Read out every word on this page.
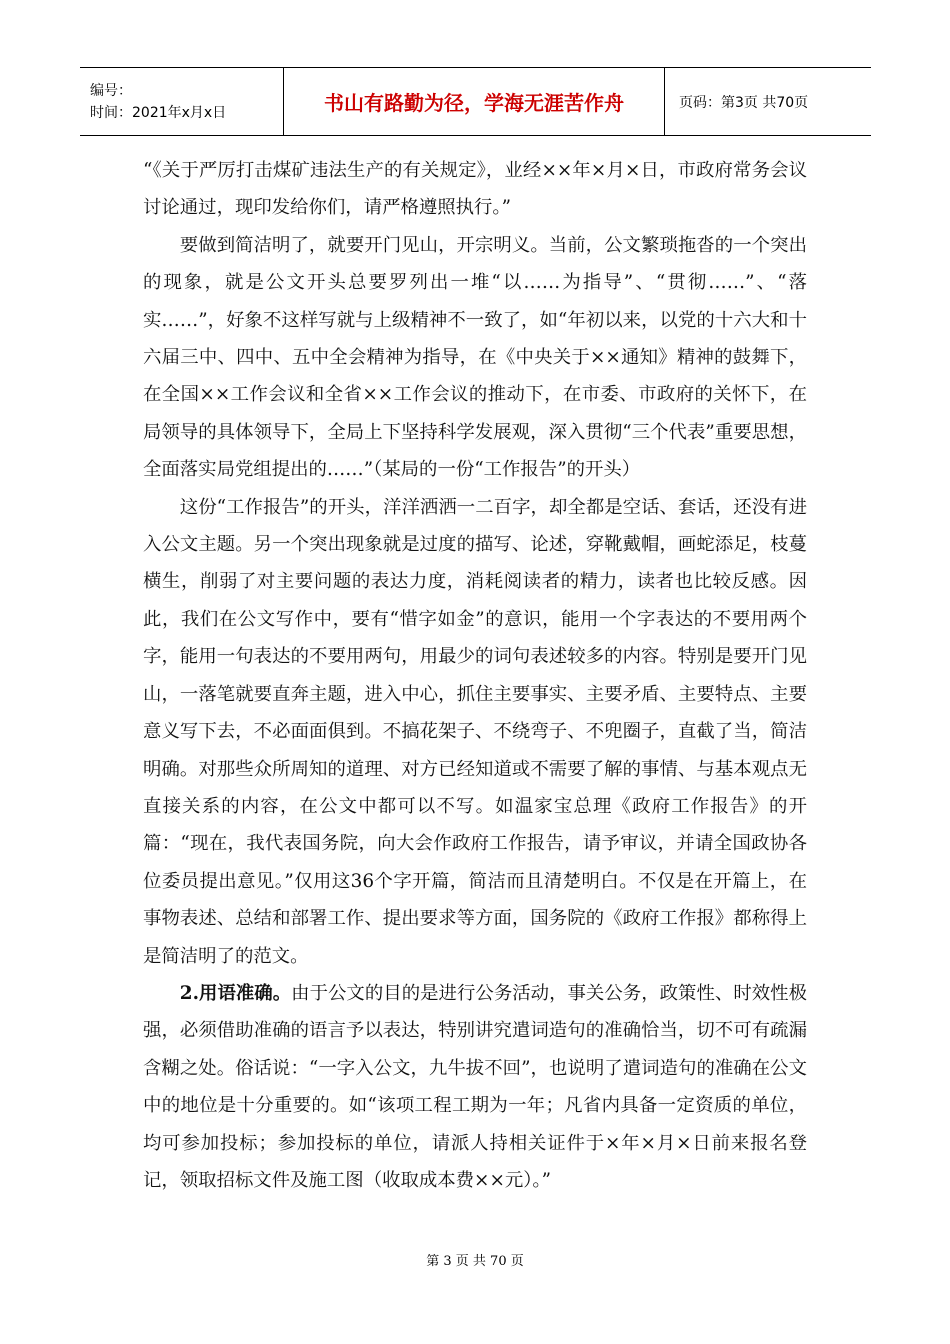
编号：
时间：2021年x月x日	书山有路勤为径，学海无涯苦作舟	页码：第3页 共70页

“《关于严厉打击煤矿违法生产的有关规定》，业经××年×月×日，市政府常务会议讨论通过，现印发给你们，请严格遵照执行。”

要做到简洁明了，就要开门见山，开宗明义。当前，公文繁琐拖沓的一个突出的现象，就是公文开头总要罗列出一堆“以……为指导”、“贯彻……”、“落实……”，好象不这样写就与上级精神不一致了，如“年初以来，以党的十六大和十六届三中、四中、五中全会精神为指导，在《中央关于××通知》精神的鼓舞下，在全国××工作会议和全省××工作会议的推动下，在市委、市政府的关怀下，在局领导的具体领导下，全局上下坚持科学发展观，深入贯彻“三个代表”重要思想，全面落实局党组提出的……”（某局的一份“工作报告”的开头）

这份“工作报告”的开头，洋洋洒洒一二百字，却全都是空话、套话，还没有进入公文主题。另一个突出现象就是过度的描写、论述，穿靴戴帽，画蛇添足，枝蔓横生，削弱了对主要问题的表达力度，消耗阅读者的精力，读者也比较反感。因此，我们在公文写作中，要有“惜字如金”的意识，能用一个字表达的不要用两个字，能用一句表达的不要用两句，用最少的词句表述较多的内容。特别是要开门见山，一落笔就要直奔主题，进入中心，抓住主要事实、主要矛盾、主要特点、主要意义写下去，不必面面俱到。不搞花架子、不绕弯子、不兜圈子，直截了当，简洁明确。对那些众所周知的道理、对方已经知道或不需要了解的事情、与基本观点无直接关系的内容，在公文中都可以不写。如温家宝总理《政府工作报告》的开篇：“现在，我代表国务院，向大会作政府工作报告，请予审议，并请全国政协各位委员提出意见。”仅用这36个字开篇，简洁而且清楚明白。不仅是在开篇上，在事物表述、总结和部署工作、提出要求等方面，国务院的《政府工作报》都称得上是简洁明了的范文。

2.用语准确。由于公文的目的是进行公务活动，事关公务，政策性、时效性极强，必须借助准确的语言予以表达，特别讲究遣词造句的准确恰当，切不可有疏漏含糊之处。俗话说：“一字入公文，九牛拔不回”，也说明了遣词造句的准确在公文中的地位是十分重要的。如“该项工程工期为一年；凡省内具备一定资质的单位，均可参加投标；参加投标的单位，请派人持相关证件于×年×月×日前来报名登记，领取招标文件及施工图（收取成本费××元）。”

第 3 页 共 70 页
